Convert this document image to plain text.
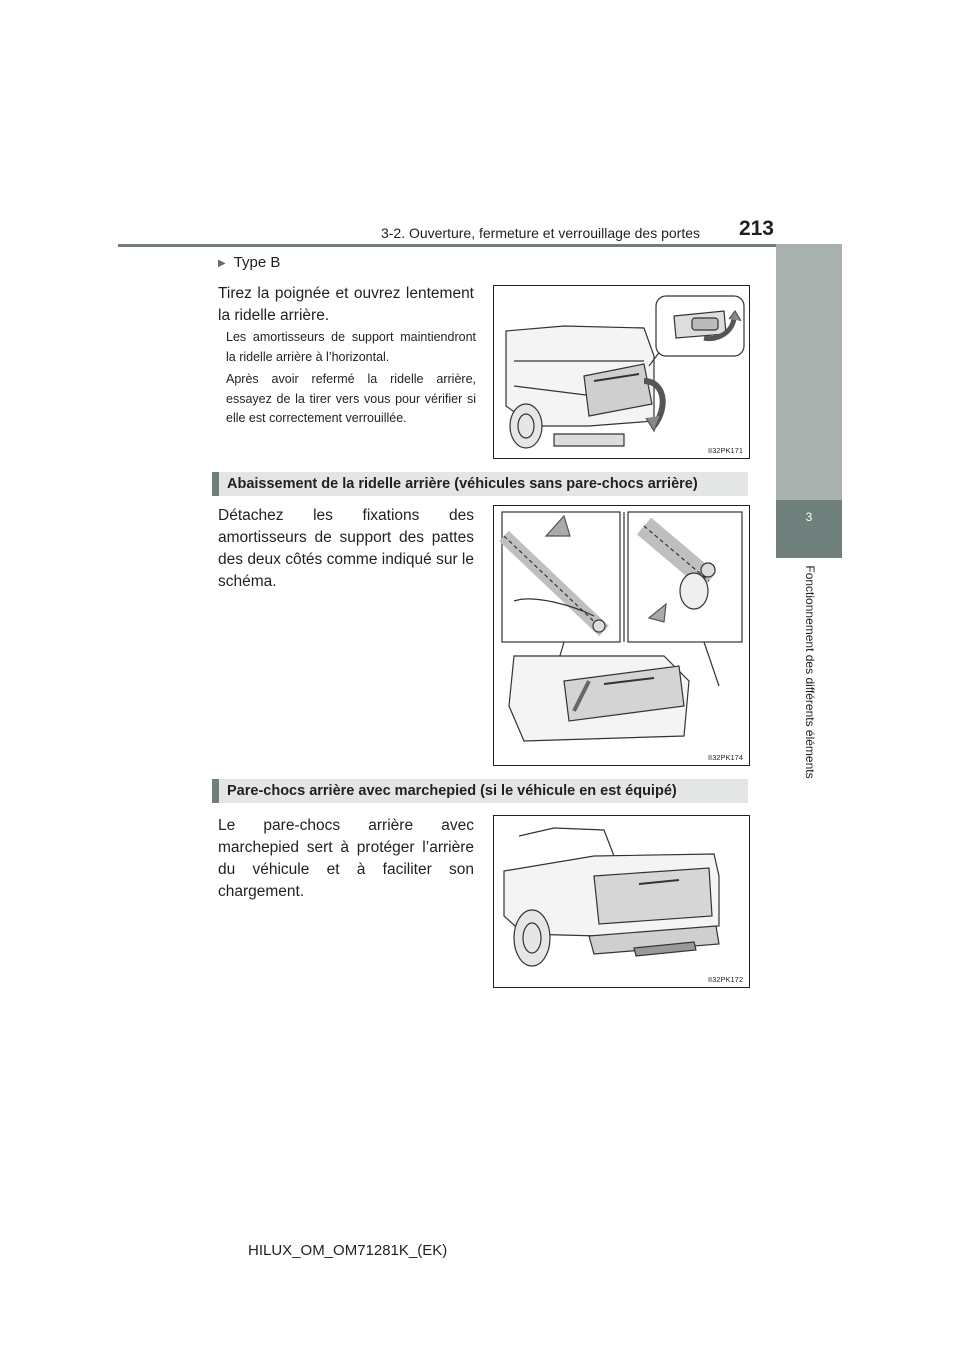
3-2. Ouverture, fermeture et verrouillage des portes	213
3
Fonctionnement des différents éléments
▶ Type B
Tirez la poignée et ouvrez lentement la ridelle arrière.
Les amortisseurs de support maintiendront la ridelle arrière à l’horizontal.
Après avoir refermé la ridelle arrière, essayez de la tirer vers vous pour vérifier si elle est correctement verrouillée.
II32PK171
Abaissement de la ridelle arrière (véhicules sans pare-chocs arrière)
Détachez les fixations des amortisseurs de support des pattes des deux côtés comme indiqué sur le schéma.
II32PK174
Pare-chocs arrière avec marchepied (si le véhicule en est équipé)
Le pare-chocs arrière avec marchepied sert à protéger l’arrière du véhicule et à faciliter son chargement.
II32PK172
HILUX_OM_OM71281K_(EK)
